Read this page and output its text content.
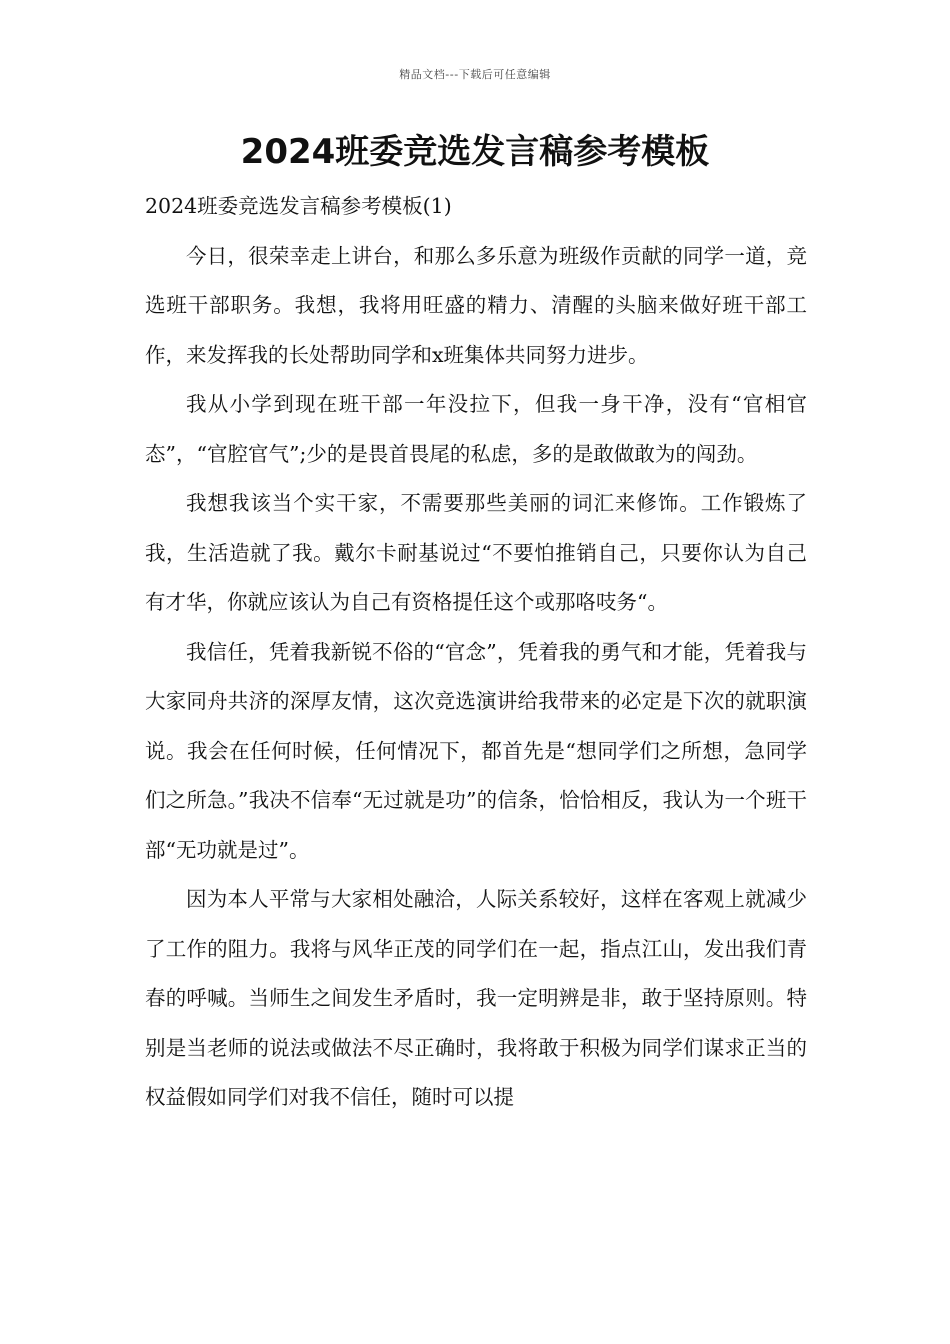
精品文档---下载后可任意编辑
2024班委竞选发言稿参考模板

2024班委竞选发言稿参考模板(1)

今日，很荣幸走上讲台，和那么多乐意为班级作贡献的同学一道，竞选班干部职务。我想，我将用旺盛的精力、清醒的头脑来做好班干部工作，来发挥我的长处帮助同学和x班集体共同努力进步。

我从小学到现在班干部一年没拉下，但我一身干净，没有“官相官态”，“官腔官气”;少的是畏首畏尾的私虑，多的是敢做敢为的闯劲。

我想我该当个实干家，不需要那些美丽的词汇来修饰。工作锻炼了我，生活造就了我。戴尔卡耐基说过“不要怕推销自己，只要你认为自己有才华，你就应该认为自己有资格提任这个或那咯吱务“。

我信任，凭着我新锐不俗的“官念”，凭着我的勇气和才能，凭着我与大家同舟共济的深厚友情，这次竞选演讲给我带来的必定是下次的就职演说。我会在任何时候，任何情况下，都首先是“想同学们之所想，急同学们之所急。”我决不信奉“无过就是功”的信条，恰恰相反，我认为一个班干部“无功就是过”。

因为本人平常与大家相处融洽，人际关系较好，这样在客观上就减少了工作的阻力。我将与风华正茂的同学们在一起，指点江山，发出我们青春的呼喊。当师生之间发生矛盾时，我一定明辨是非，敢于坚持原则。特别是当老师的说法或做法不尽正确时，我将敢于积极为同学们谋求正当的权益假如同学们对我不信任，随时可以提
